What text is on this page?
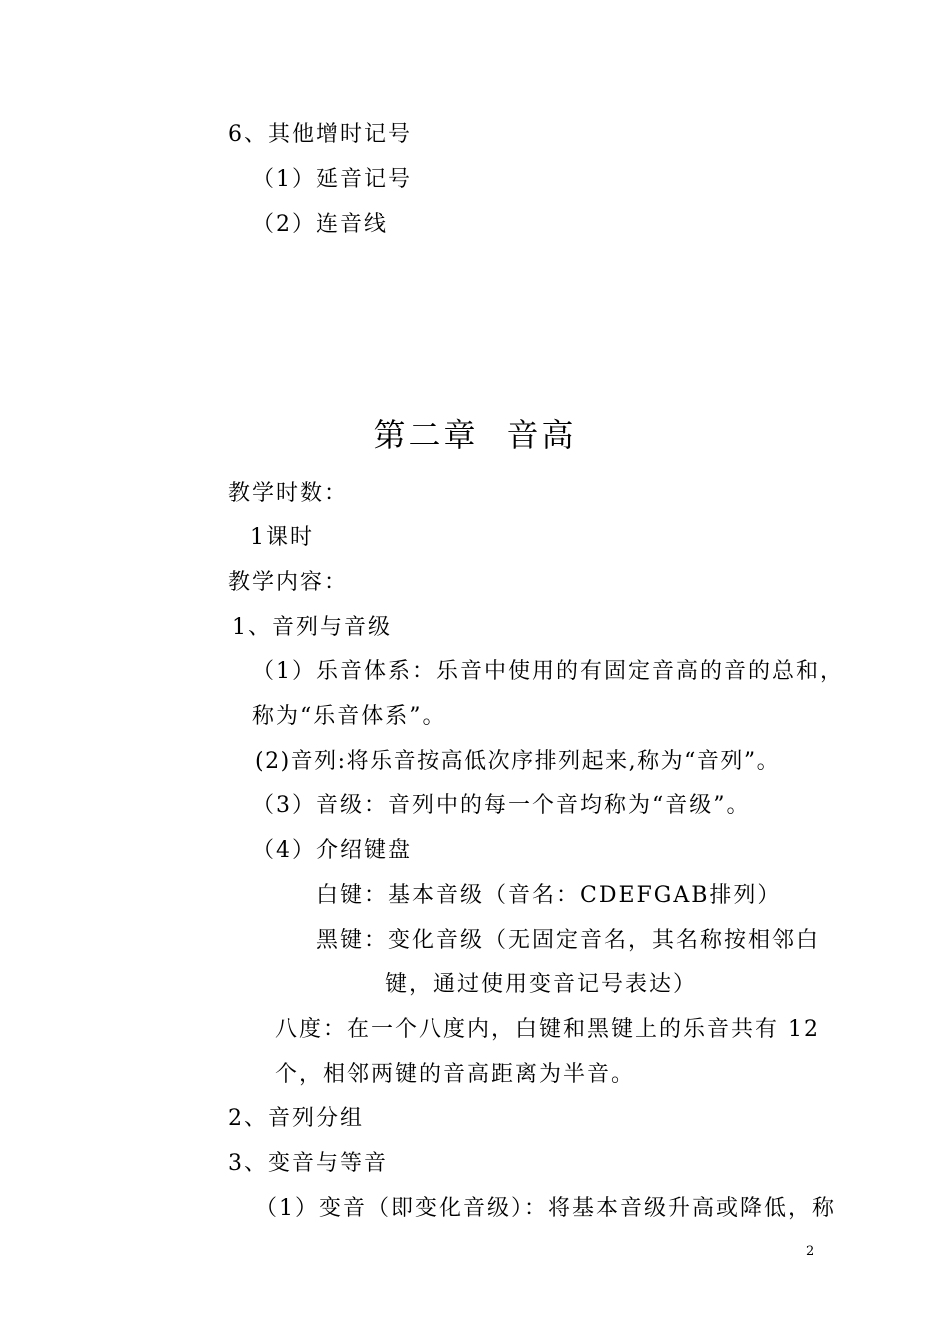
6、其他增时记号
（1）延音记号
（2）连音线
第二章 音高
教学时数：
1课时
教学内容：
1、音列与音级
（1）乐音体系：乐音中使用的有固定音高的音的总和，
称为“乐音体系”。
(2)音列:将乐音按高低次序排列起来,称为“音列”。
（3）音级：音列中的每一个音均称为“音级”。
（4）介绍键盘
白键：基本音级（音名：CDEFGAB排列）
黑键：变化音级（无固定音名，其名称按相邻白
键，通过使用变音记号表达）
八度：在一个八度内，白键和黑键上的乐音共有 12
个，相邻两键的音高距离为半音。
2、音列分组
3、变音与等音
（1）变音（即变化音级）：将基本音级升高或降低，称
2
